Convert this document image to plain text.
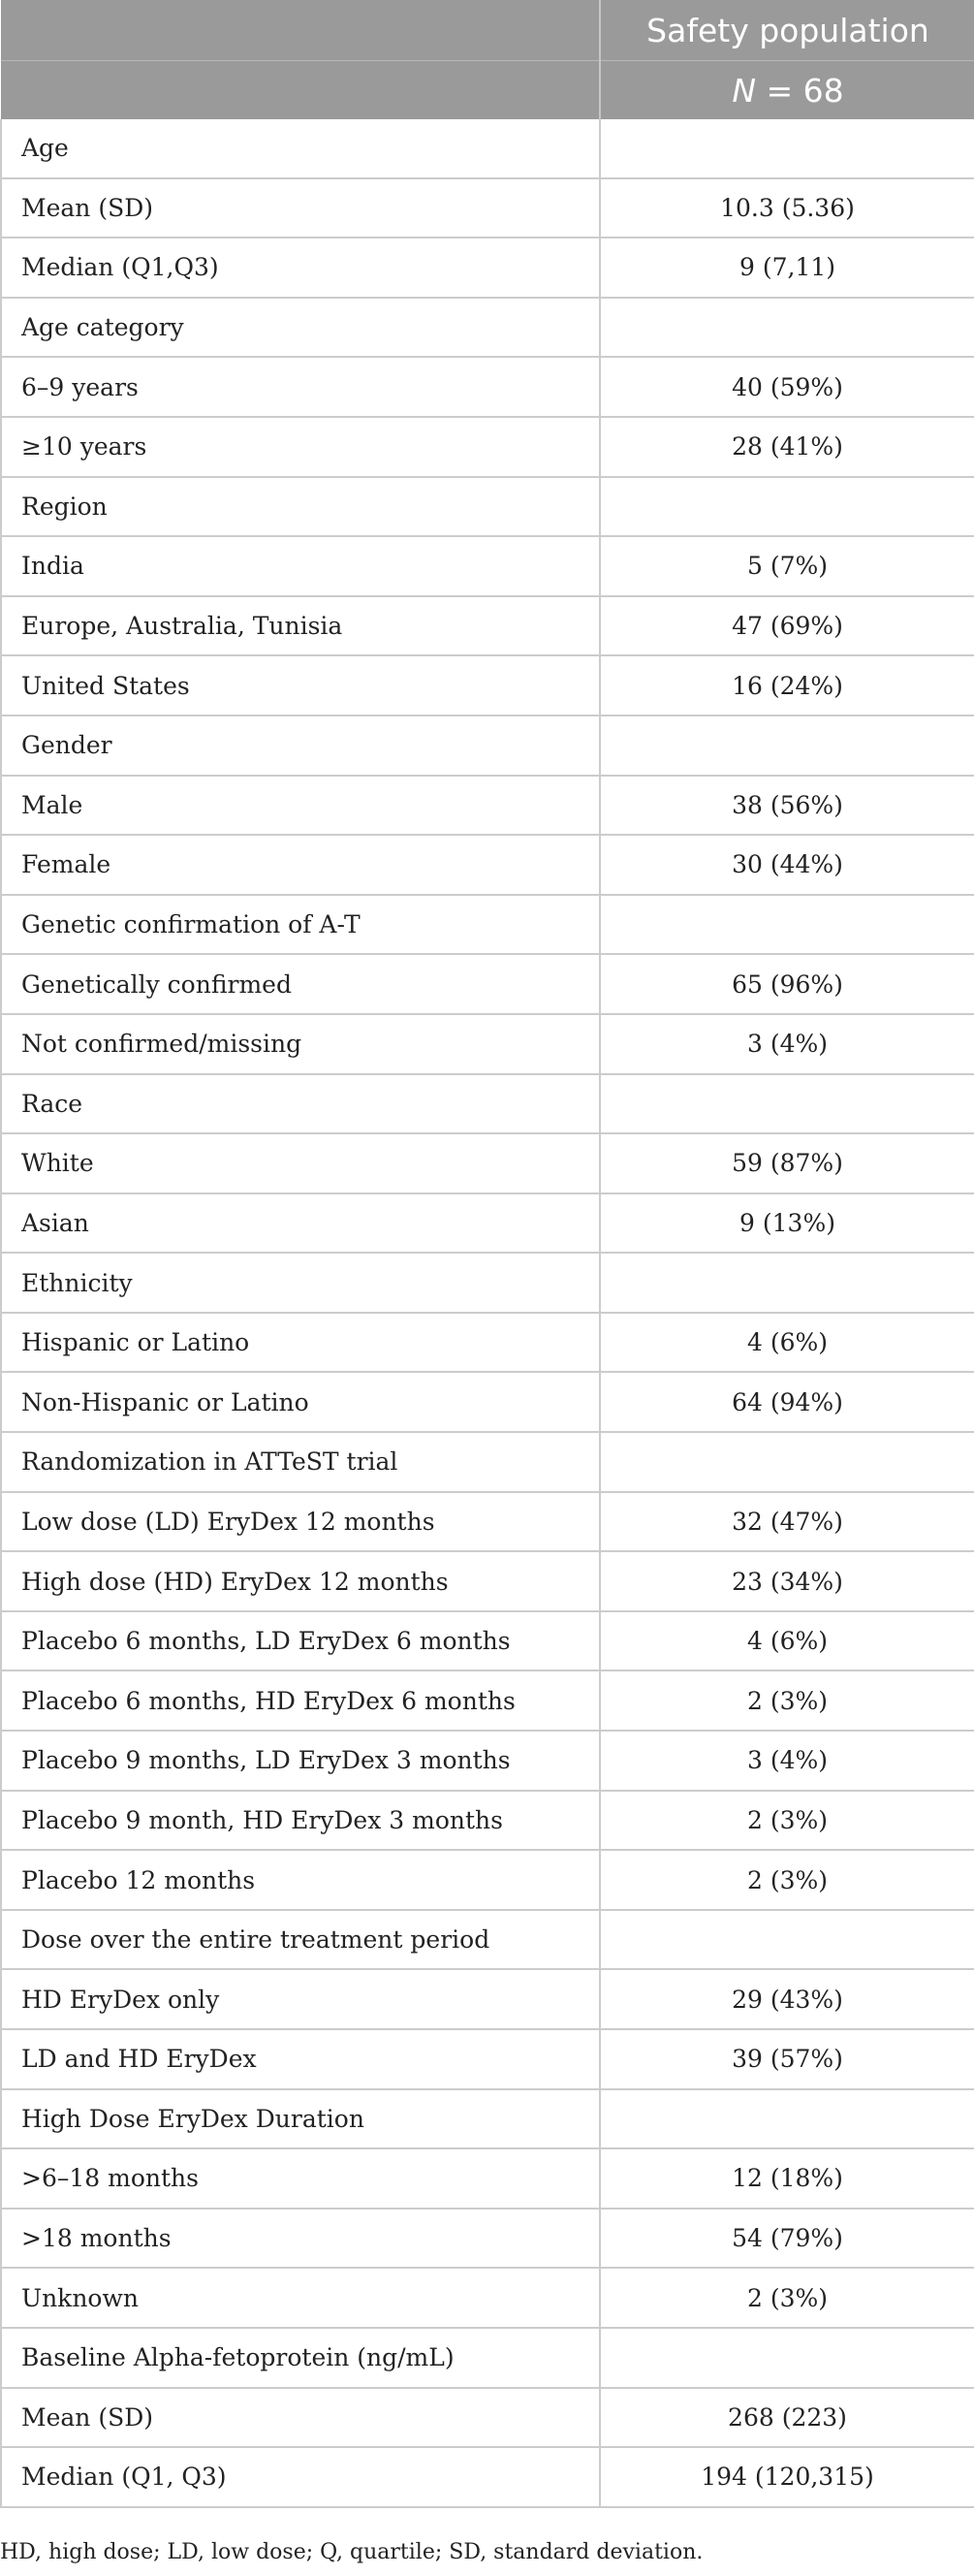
	Safety population
	N = 68
Age	
Mean (SD)	10.3 (5.36)
Median (Q1,Q3)	9 (7,11)
Age category	
6–9 years	40 (59%)
≥10 years	28 (41%)
Region	
India	5 (7%)
Europe, Australia, Tunisia	47 (69%)
United States	16 (24%)
Gender	
Male	38 (56%)
Female	30 (44%)
Genetic confirmation of A-T	
Genetically confirmed	65 (96%)
Not confirmed/missing	3 (4%)
Race	
White	59 (87%)
Asian	9 (13%)
Ethnicity	
Hispanic or Latino	4 (6%)
Non-Hispanic or Latino	64 (94%)
Randomization in ATTeST trial	
Low dose (LD) EryDex 12 months	32 (47%)
High dose (HD) EryDex 12 months	23 (34%)
Placebo 6 months, LD EryDex 6 months	4 (6%)
Placebo 6 months, HD EryDex 6 months	2 (3%)
Placebo 9 months, LD EryDex 3 months	3 (4%)
Placebo 9 month, HD EryDex 3 months	2 (3%)
Placebo 12 months	2 (3%)
Dose over the entire treatment period	
HD EryDex only	29 (43%)
LD and HD EryDex	39 (57%)
High Dose EryDex Duration	
>6–18 months	12 (18%)
>18 months	54 (79%)
Unknown	2 (3%)
Baseline Alpha-fetoprotein (ng/mL)	
Mean (SD)	268 (223)
Median (Q1, Q3)	194 (120,315)
HD, high dose; LD, low dose; Q, quartile; SD, standard deviation.
